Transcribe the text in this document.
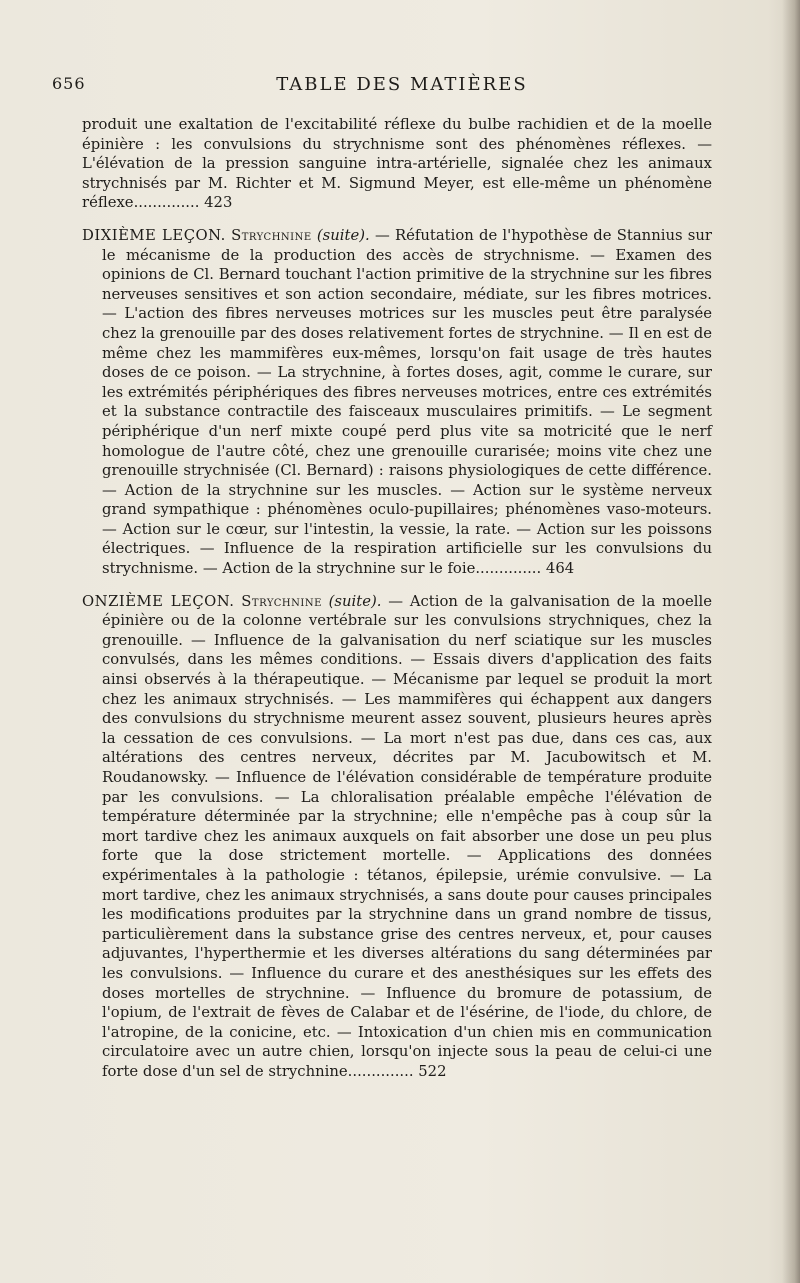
656	TABLE DES MATIÈRES

produit une exaltation de l'excitabilité réflexe du bulbe rachidien et de la moelle épinière : les convulsions du strychnisme sont des phénomènes réflexes. — L'élévation de la pression sanguine intra-artérielle, signalée chez les animaux strychnisés par M. Richter et M. Sigmund Meyer, est elle-même un phénomène réflexe.............. 423

DIXIÈME LEÇON. Strychnine (suite). — Réfutation de l'hypothèse de Stannius sur le mécanisme de la production des accès de strychnisme. — Examen des opinions de Cl. Bernard touchant l'action primitive de la strychnine sur les fibres nerveuses sensitives et son action secondaire, médiate, sur les fibres motrices. — L'action des fibres nerveuses motrices sur les muscles peut être paralysée chez la grenouille par des doses relativement fortes de strychnine. — Il en est de même chez les mammifères eux-mêmes, lorsqu'on fait usage de très hautes doses de ce poison. — La strychnine, à fortes doses, agit, comme le curare, sur les extrémités périphériques des fibres nerveuses motrices, entre ces extrémités et la substance contractile des faisceaux musculaires primitifs. — Le segment périphérique d'un nerf mixte coupé perd plus vite sa motricité que le nerf homologue de l'autre côté, chez une grenouille curarisée; moins vite chez une grenouille strychnisée (Cl. Bernard) : raisons physiologiques de cette différence. — Action de la strychnine sur les muscles. — Action sur le système nerveux grand sympathique : phénomènes oculo-pupillaires; phénomènes vaso-moteurs. — Action sur le cœur, sur l'intestin, la vessie, la rate. — Action sur les poissons électriques. — Influence de la respiration artificielle sur les convulsions du strychnisme. — Action de la strychnine sur le foie.............. 464

ONZIÈME LEÇON. Strychnine (suite). — Action de la galvanisation de la moelle épinière ou de la colonne vertébrale sur les convulsions strychniques, chez la grenouille. — Influence de la galvanisation du nerf sciatique sur les muscles convulsés, dans les mêmes conditions. — Essais divers d'application des faits ainsi observés à la thérapeutique. — Mécanisme par lequel se produit la mort chez les animaux strychnisés. — Les mammifères qui échappent aux dangers des convulsions du strychnisme meurent assez souvent, plusieurs heures après la cessation de ces convulsions. — La mort n'est pas due, dans ces cas, aux altérations des centres nerveux, décrites par M. Jacubowitsch et M. Roudanowsky. — Influence de l'élévation considérable de température produite par les convulsions. — La chloralisation préalable empêche l'élévation de température déterminée par la strychnine; elle n'empêche pas à coup sûr la mort tardive chez les animaux auxquels on fait absorber une dose un peu plus forte que la dose strictement mortelle. — Applications des données expérimentales à la pathologie : tétanos, épilepsie, urémie convulsive. — La mort tardive, chez les animaux strychnisés, a sans doute pour causes principales les modifications produites par la strychnine dans un grand nombre de tissus, particulièrement dans la substance grise des centres nerveux, et, pour causes adjuvantes, l'hyperthermie et les diverses altérations du sang déterminées par les convulsions. — Influence du curare et des anesthésiques sur les effets des doses mortelles de strychnine. — Influence du bromure de potassium, de l'opium, de l'extrait de fèves de Calabar et de l'ésérine, de l'iode, du chlore, de l'atropine, de la conicine, etc. — Intoxication d'un chien mis en communication circulatoire avec un autre chien, lorsqu'on injecte sous la peau de celui-ci une forte dose d'un sel de strychnine.............. 522
